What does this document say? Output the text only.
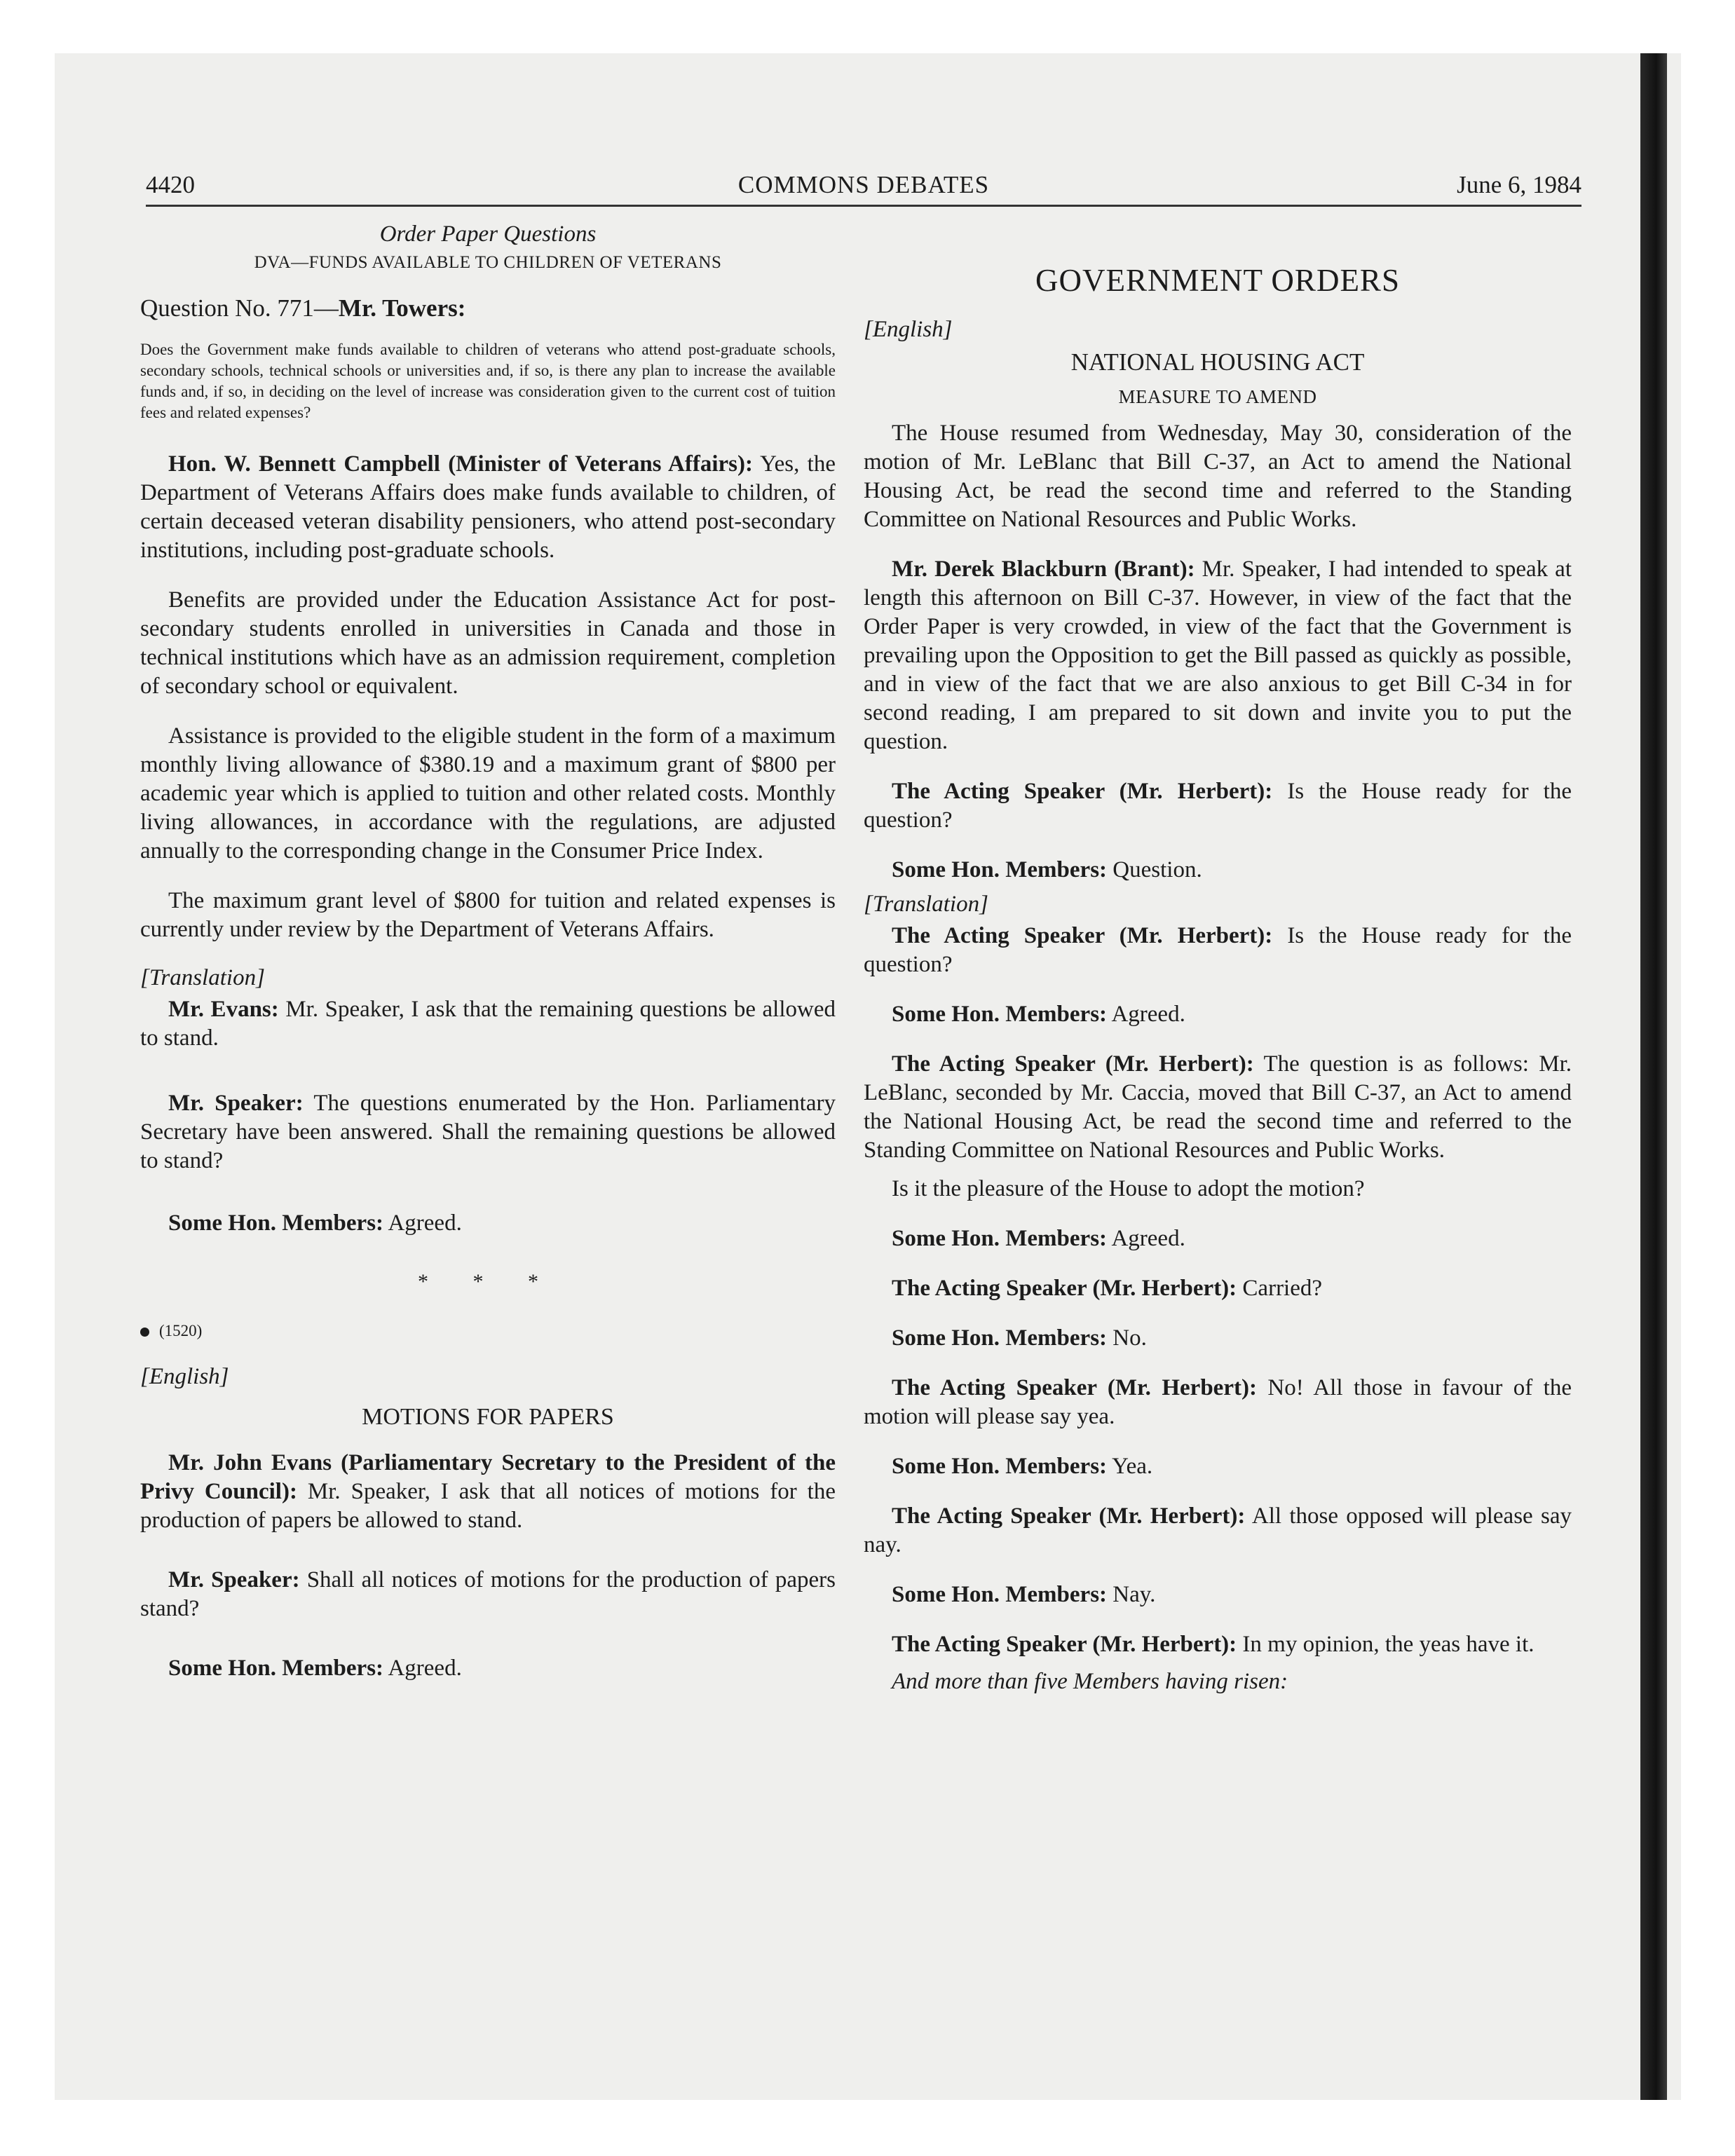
4420	COMMONS DEBATES	June 6, 1984
Order Paper Questions
DVA—FUNDS AVAILABLE TO CHILDREN OF VETERANS

Question No. 771—Mr. Towers:

Does the Government make funds available to children of veterans who attend post-graduate schools, secondary schools, technical schools or universities and, if so, is there any plan to increase the available funds and, if so, in deciding on the level of increase was consideration given to the current cost of tuition fees and related expenses?

Hon. W. Bennett Campbell (Minister of Veterans Affairs): Yes, the Department of Veterans Affairs does make funds available to children, of certain deceased veteran disability pensioners, who attend post-secondary institutions, including post-graduate schools.

Benefits are provided under the Education Assistance Act for post-secondary students enrolled in universities in Canada and those in technical institutions which have as an admission requirement, completion of secondary school or equivalent.

Assistance is provided to the eligible student in the form of a maximum monthly living allowance of $380.19 and a maximum grant of $800 per academic year which is applied to tuition and other related costs. Monthly living allowances, in accordance with the regulations, are adjusted annually to the corresponding change in the Consumer Price Index.

The maximum grant level of $800 for tuition and related expenses is currently under review by the Department of Veterans Affairs.

[Translation]

Mr. Evans: Mr. Speaker, I ask that the remaining questions be allowed to stand.

Mr. Speaker: The questions enumerated by the Hon. Parliamentary Secretary have been answered. Shall the remaining questions be allowed to stand?

Some Hon. Members: Agreed.

* * *
(1520)
[English]
MOTIONS FOR PAPERS

Mr. John Evans (Parliamentary Secretary to the President of the Privy Council): Mr. Speaker, I ask that all notices of motions for the production of papers be allowed to stand.

Mr. Speaker: Shall all notices of motions for the production of papers stand?

Some Hon. Members: Agreed.

GOVERNMENT ORDERS
[English]
NATIONAL HOUSING ACT
MEASURE TO AMEND

The House resumed from Wednesday, May 30, consideration of the motion of Mr. LeBlanc that Bill C-37, an Act to amend the National Housing Act, be read the second time and referred to the Standing Committee on National Resources and Public Works.

Mr. Derek Blackburn (Brant): Mr. Speaker, I had intended to speak at length this afternoon on Bill C-37. However, in view of the fact that the Order Paper is very crowded, in view of the fact that the Government is prevailing upon the Opposition to get the Bill passed as quickly as possible, and in view of the fact that we are also anxious to get Bill C-34 in for second reading, I am prepared to sit down and invite you to put the question.

The Acting Speaker (Mr. Herbert): Is the House ready for the question?

Some Hon. Members: Question.

[Translation]

The Acting Speaker (Mr. Herbert): Is the House ready for the question?

Some Hon. Members: Agreed.

The Acting Speaker (Mr. Herbert): The question is as follows: Mr. LeBlanc, seconded by Mr. Caccia, moved that Bill C-37, an Act to amend the National Housing Act, be read the second time and referred to the Standing Committee on National Resources and Public Works.

Is it the pleasure of the House to adopt the motion?

Some Hon. Members: Agreed.

The Acting Speaker (Mr. Herbert): Carried?

Some Hon. Members: No.

The Acting Speaker (Mr. Herbert): No! All those in favour of the motion will please say yea.

Some Hon. Members: Yea.

The Acting Speaker (Mr. Herbert): All those opposed will please say nay.

Some Hon. Members: Nay.

The Acting Speaker (Mr. Herbert): In my opinion, the yeas have it.

And more than five Members having risen:
